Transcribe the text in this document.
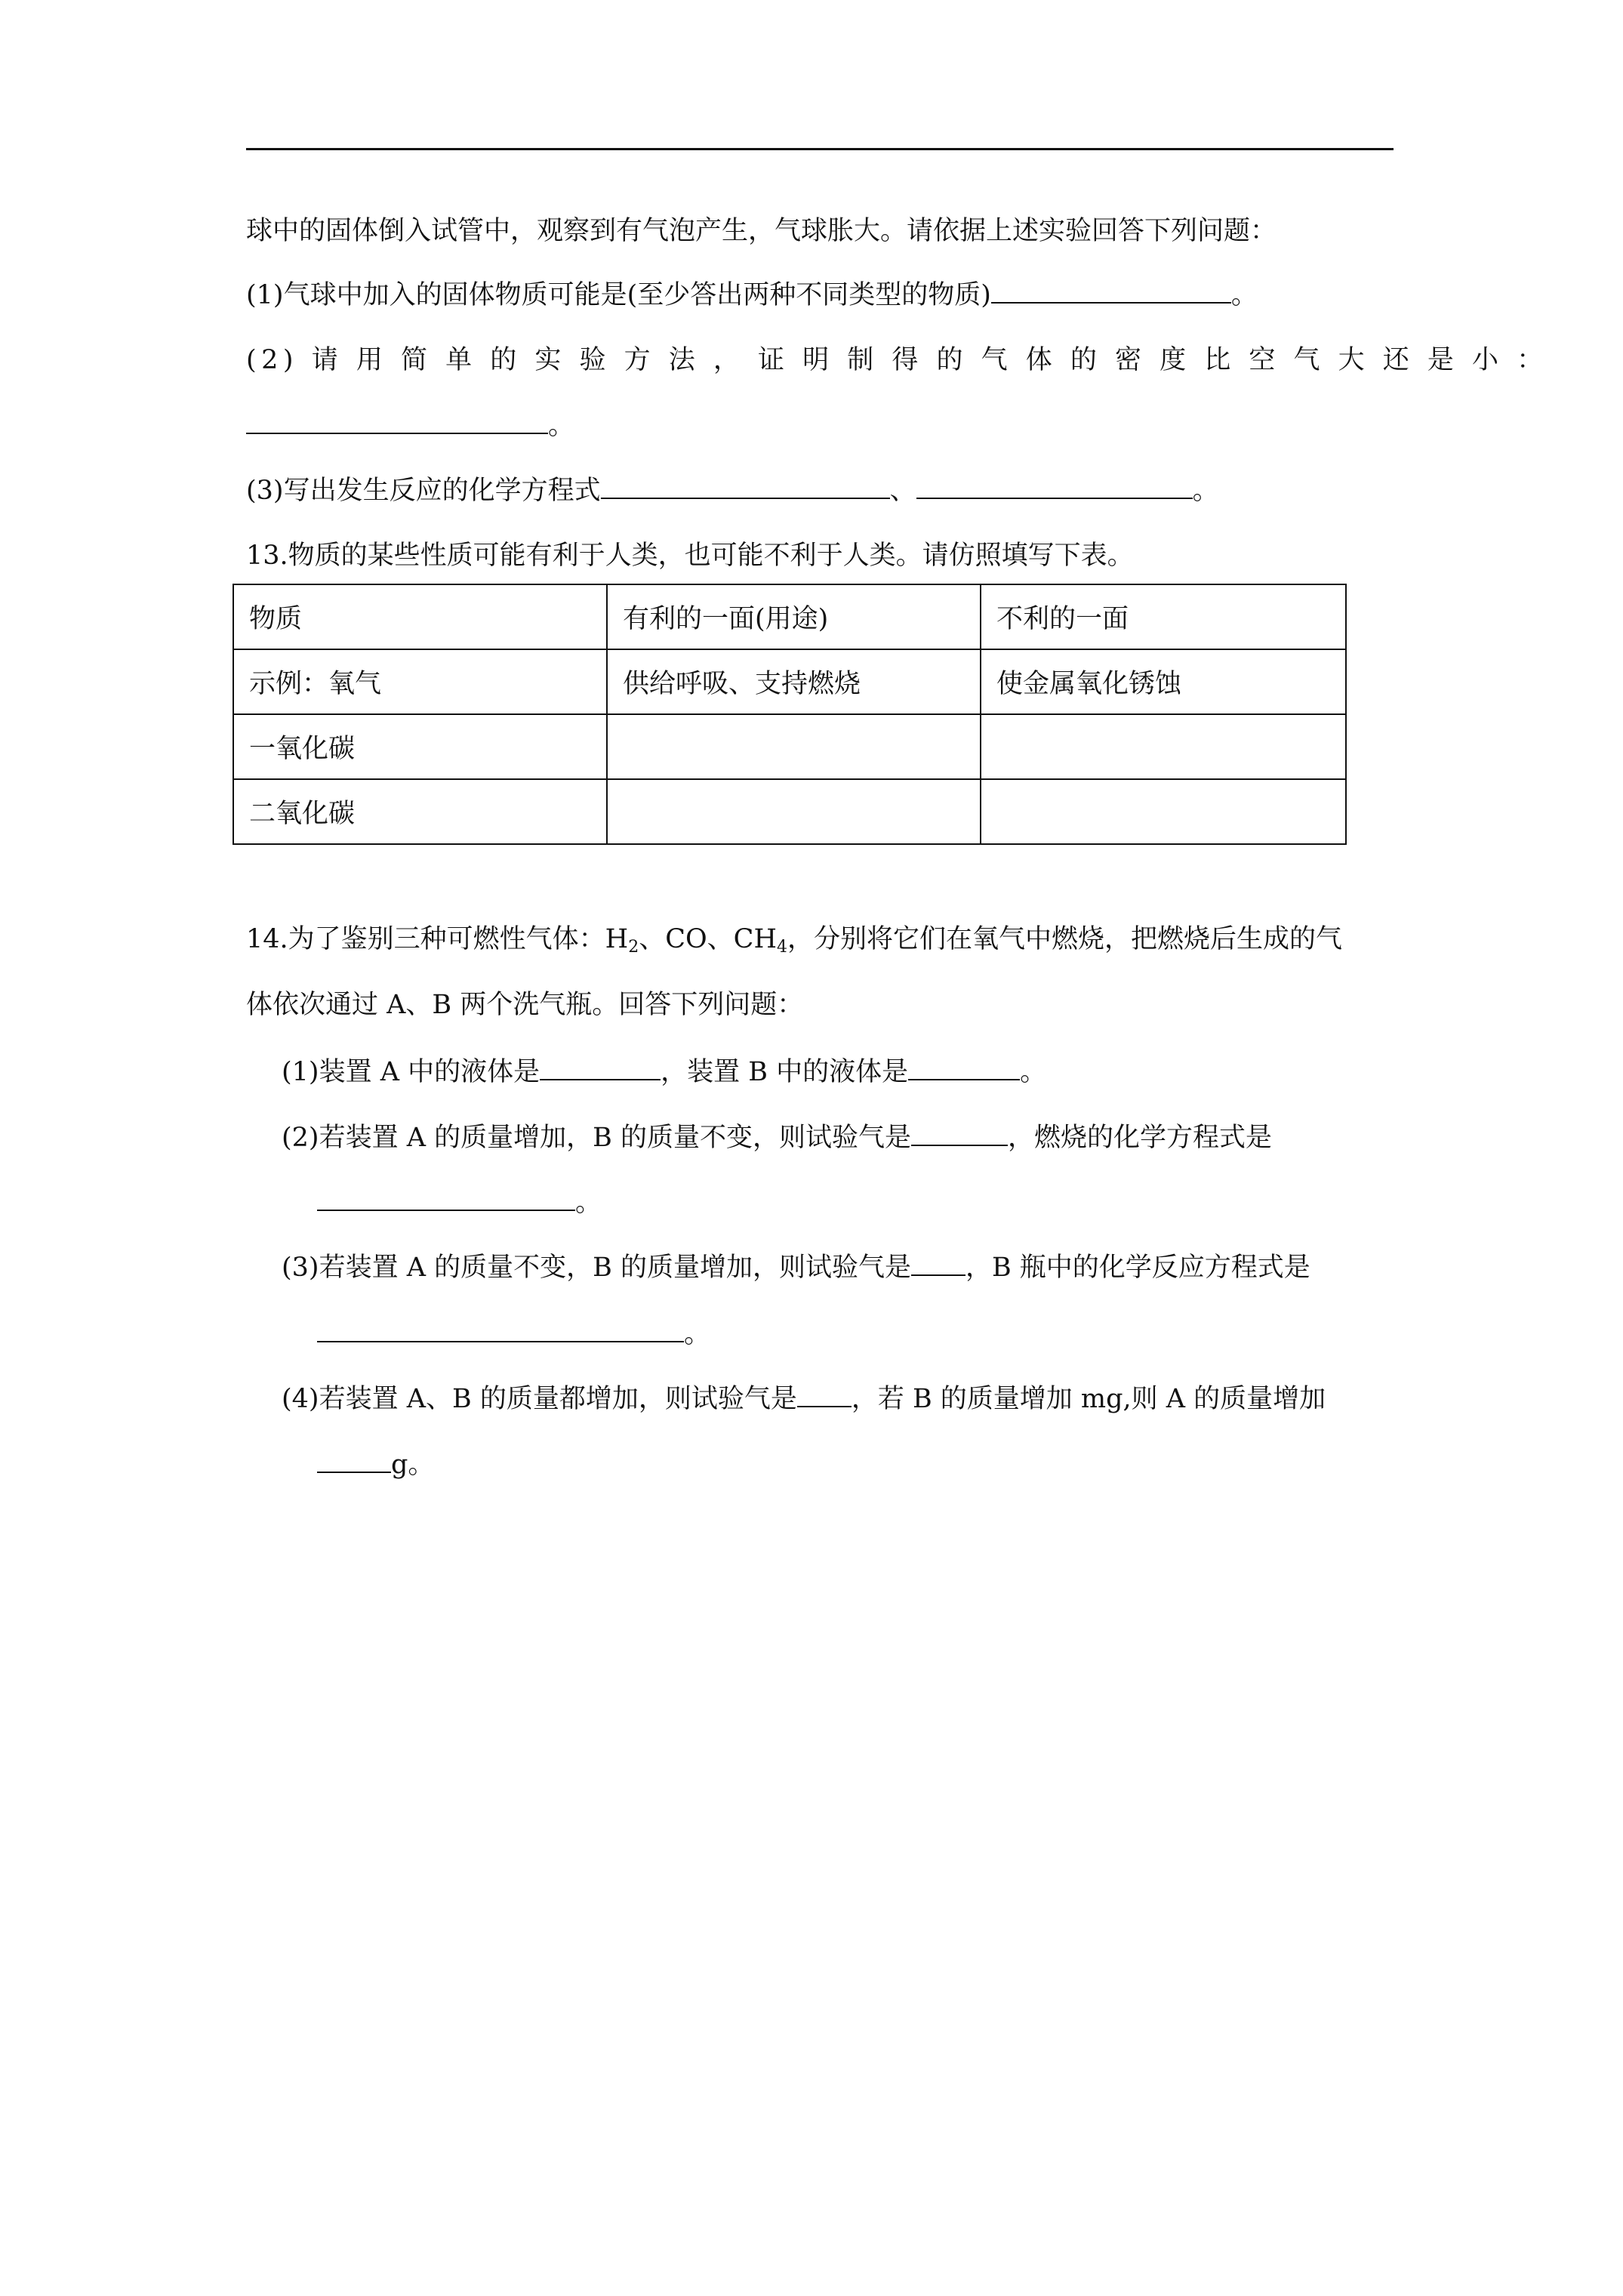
球中的固体倒入试管中，观察到有气泡产生，气球胀大。请依据上述实验回答下列问题：
(1)气球中加入的固体物质可能是(至少答出两种不同类型的物质)	。
(2) 请 用 简 单 的 实 验 方 法 ， 证 明 制 得 的 气 体 的 密 度 比 空 气 大 还 是 小 ：
。
(3)写出发生反应的化学方程式	、	。
13.物质的某些性质可能有利于人类，也可能不利于人类。请仿照填写下表。
物质	有利的一面(用途)	不利的一面
示例：氧气	供给呼吸、支持燃烧	使金属氧化锈蚀
一氧化碳		
二氧化碳		
14.为了鉴别三种可燃性气体：$H_2$、CO、$CH_4$，分别将它们在氧气中燃烧，把燃烧后生成的气
体依次通过 A、B 两个洗气瓶。回答下列问题：
(1)装置 A 中的液体是	，装置 B 中的液体是	。
(2)若装置 A 的质量增加，B 的质量不变，则试验气是	，燃烧的化学方程式是
。
(3)若装置 A 的质量不变，B 的质量增加，则试验气是 ，B 瓶中的化学反应方程式是
。
(4)若装置 A、B 的质量都增加，则试验气是 ，若 B 的质量增加 mg,则 A 的质量增加
g。
